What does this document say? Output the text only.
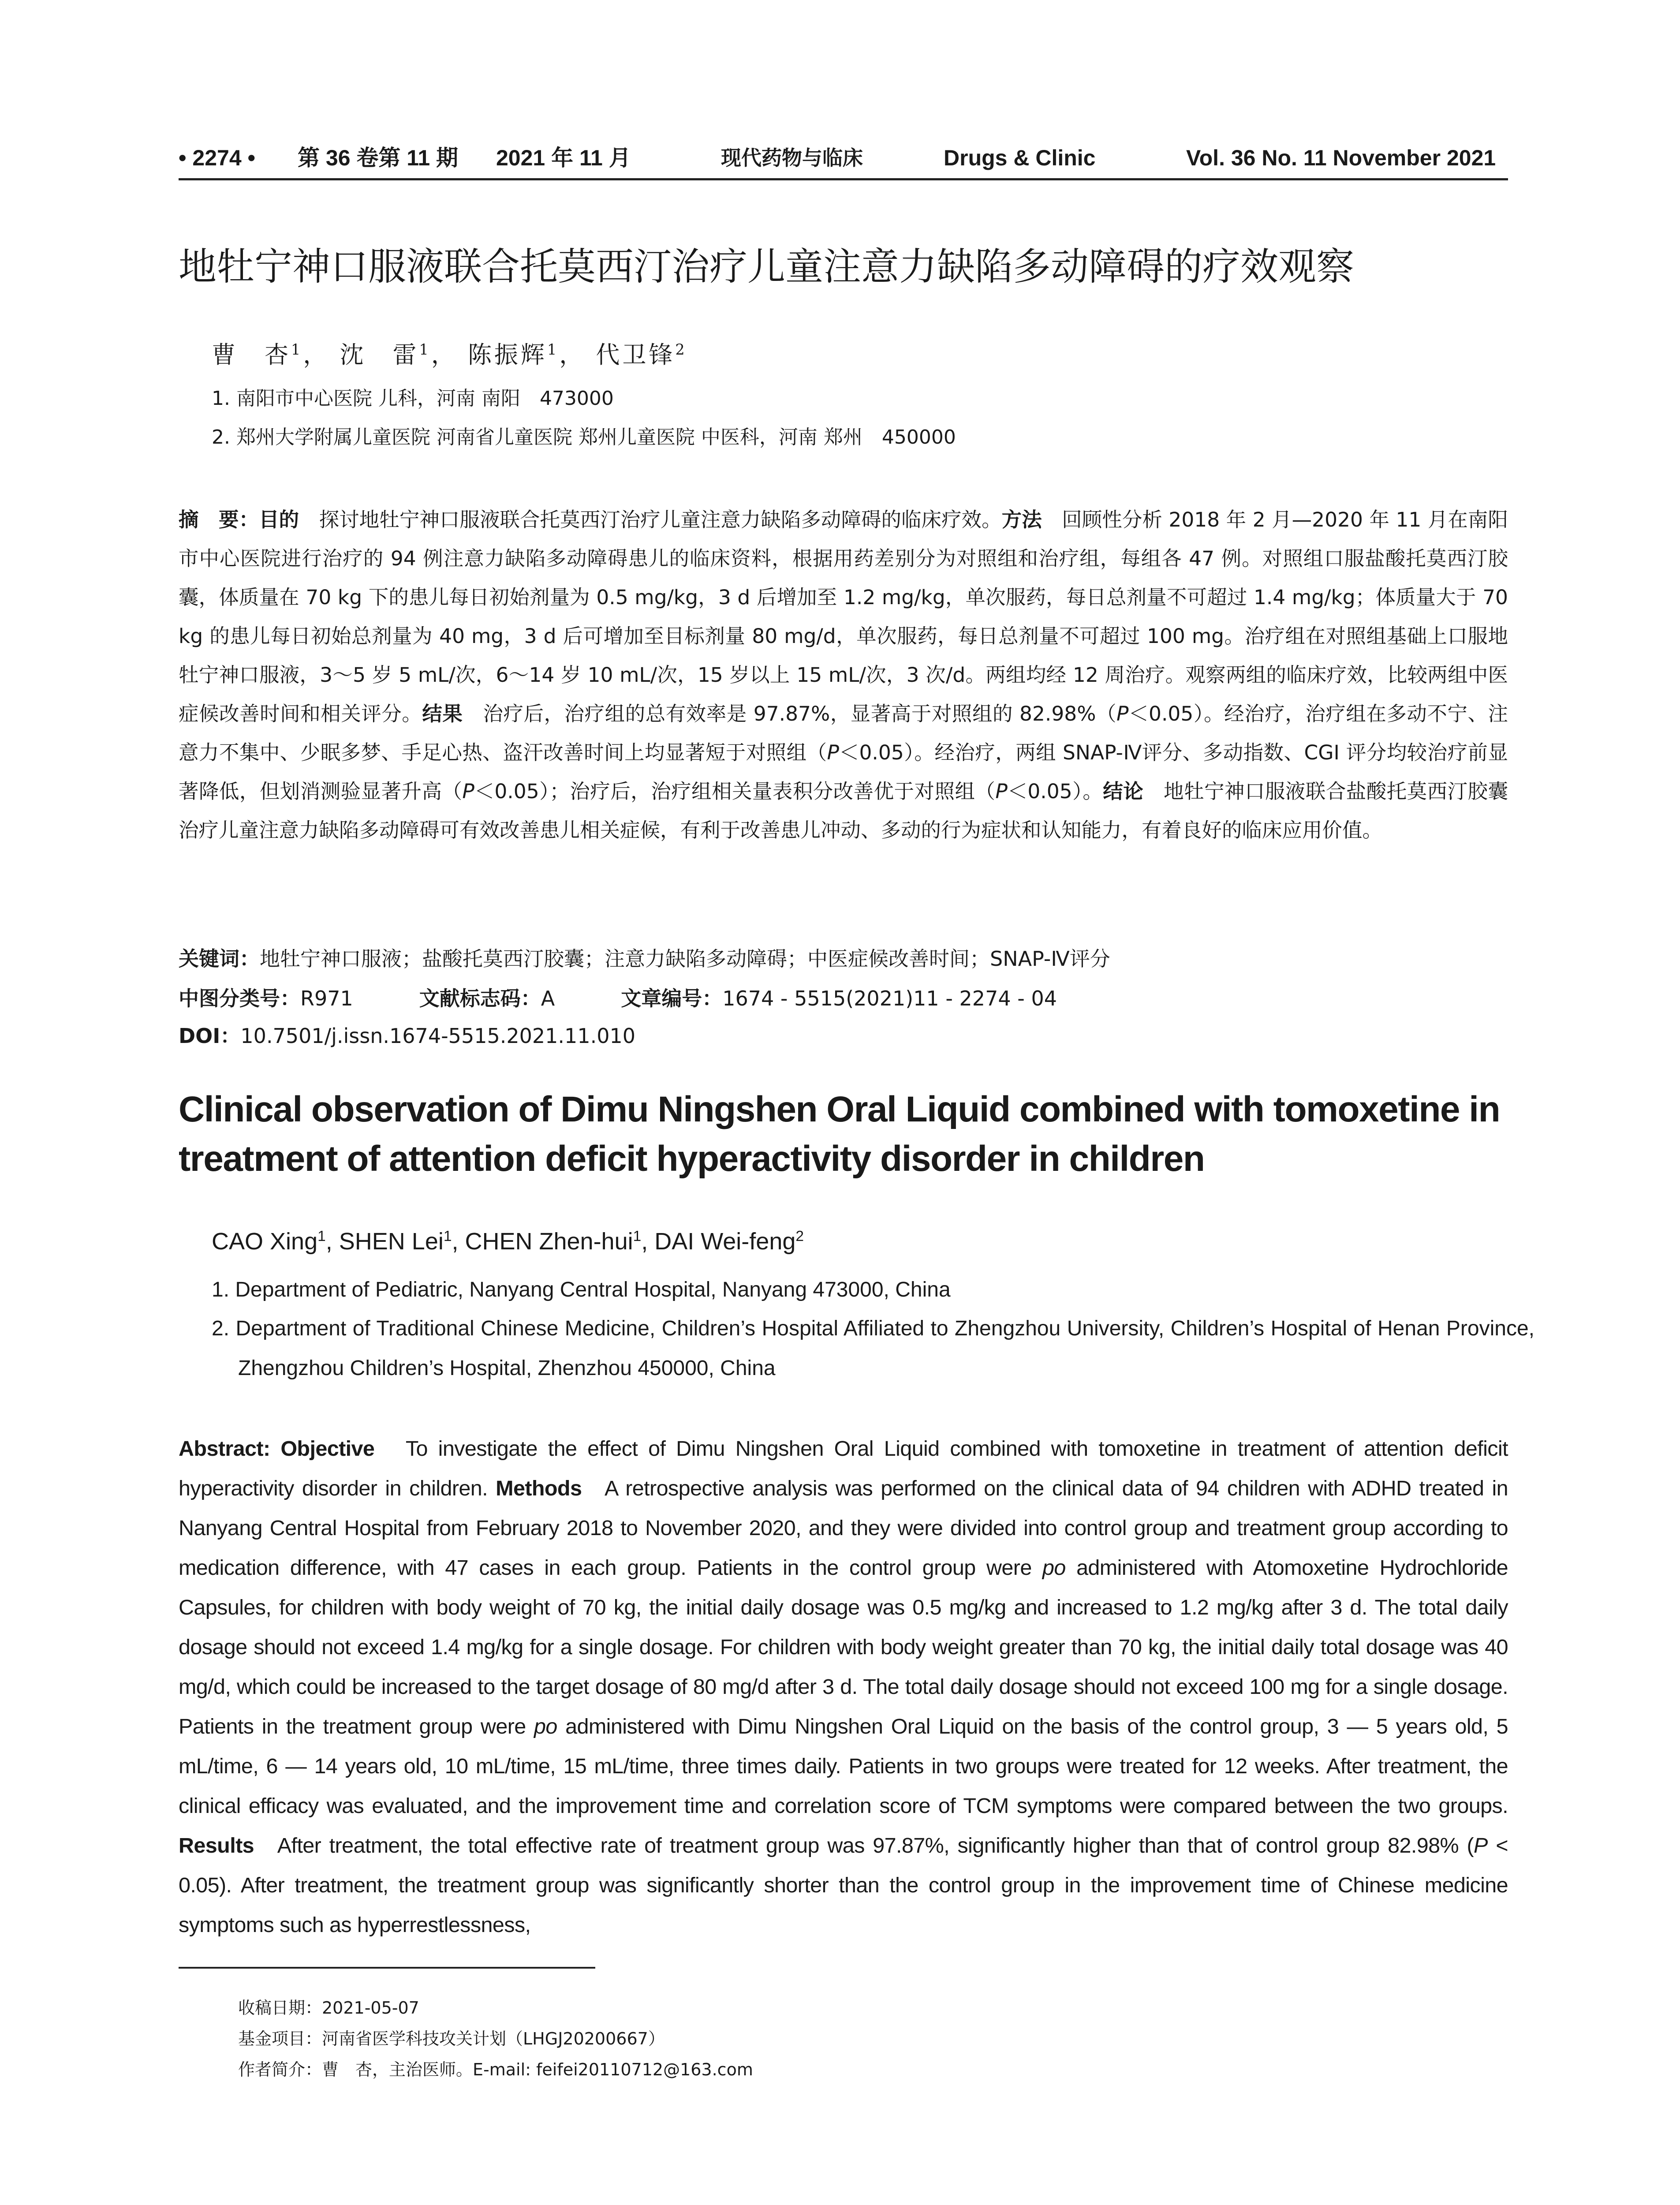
• 2274 • 第 36 卷第 11 期 2021 年 11 月	现代药物与临床	Drugs & Clinic	Vol. 36 No. 11 November 2021
地牡宁神口服液联合托莫西汀治疗儿童注意力缺陷多动障碍的疗效观察
曹　杏$^1$， 沈　雷$^1$， 陈振辉$^1$， 代卫锋$^2$
1. 南阳市中心医院 儿科，河南 南阳　473000
2. 郑州大学附属儿童医院 河南省儿童医院 郑州儿童医院 中医科，河南 郑州　450000
摘　要：目的　 探讨地牡宁神口服液联合托莫西汀治疗儿童注意力缺陷多动障碍的临床疗效。方法　 回顾性分析 2018 年 2 月—2020 年 11 月在南阳市中心医院进行治疗的 94 例注意力缺陷多动障碍患儿的临床资料，根据用药差别分为对照组和治疗组，每组各 47 例。对照组口服盐酸托莫西汀胶囊，体质量在 70 kg 下的患儿每日初始剂量为 0.5 mg/kg，3 d 后增加至 1.2 mg/kg，单次服药，每日总剂量不可超过 1.4 mg/kg；体质量大于 70 kg 的患儿每日初始总剂量为 40 mg，3 d 后可增加至目标剂量 80 mg/d，单次服药，每日总剂量不可超过 100 mg。治疗组在对照组基础上口服地牡宁神口服液，3～5 岁 5 mL/次，6～14 岁 10 mL/次，15 岁以上 15 mL/次，3 次/d。两组均经 12 周治疗。观察两组的临床疗效，比较两组中医症候改善时间和相关评分。结果　 治疗后，治疗组的总有效率是 97.87%，显著高于对照组的 82.98%（P＜0.05）。经治疗，治疗组在多动不宁、注意力不集中、少眠多梦、手足心热、盗汗改善时间上均显著短于对照组（P＜0.05）。经治疗，两组 SNAP-Ⅳ评分、多动指数、CGI 评分均较治疗前显著降低，但划消测验显著升高（P＜0.05）；治疗后，治疗组相关量表积分改善优于对照组（P＜0.05）。结论　 地牡宁神口服液联合盐酸托莫西汀胶囊治疗儿童注意力缺陷多动障碍可有效改善患儿相关症候，有利于改善患儿冲动、多动的行为症状和认知能力，有着良好的临床应用价值。
关键词：地牡宁神口服液；盐酸托莫西汀胶囊；注意力缺陷多动障碍；中医症候改善时间；SNAP-Ⅳ评分
中图分类号：R971	文献标志码：A	文章编号：1674 - 5515(2021)11 - 2274 - 04
DOI：10.7501/j.issn.1674-5515.2021.11.010
Clinical observation of Dimu Ningshen Oral Liquid combined with tomoxetine in treatment of attention deficit hyperactivity disorder in children
CAO Xing$^1$, SHEN Lei$^1$, CHEN Zhen-hui$^1$, DAI Wei-feng$^2$
1. Department of Pediatric, Nanyang Central Hospital, Nanyang 473000, China
2. Department of Traditional Chinese Medicine, Children’s Hospital Affiliated to Zhengzhou University, Children’s Hospital of Henan Province, Zhengzhou Children’s Hospital, Zhenzhou 450000, China
Abstract: Objective To investigate the effect of Dimu Ningshen Oral Liquid combined with tomoxetine in treatment of attention deficit hyperactivity disorder in children. Methods A retrospective analysis was performed on the clinical data of 94 children with ADHD treated in Nanyang Central Hospital from February 2018 to November 2020, and they were divided into control group and treatment group according to medication difference, with 47 cases in each group. Patients in the control group were po administered with Atomoxetine Hydrochloride Capsules, for children with body weight of 70 kg, the initial daily dosage was 0.5 mg/kg and increased to 1.2 mg/kg after 3 d. The total daily dosage should not exceed 1.4 mg/kg for a single dosage. For children with body weight greater than 70 kg, the initial daily total dosage was 40 mg/d, which could be increased to the target dosage of 80 mg/d after 3 d. The total daily dosage should not exceed 100 mg for a single dosage. Patients in the treatment group were po administered with Dimu Ningshen Oral Liquid on the basis of the control group, 3 — 5 years old, 5 mL/time, 6 — 14 years old, 10 mL/time, 15 mL/time, three times daily. Patients in two groups were treated for 12 weeks. After treatment, the clinical efficacy was evaluated, and the improvement time and correlation score of TCM symptoms were compared between the two groups. Results After treatment, the total effective rate of treatment group was 97.87%, significantly higher than that of control group 82.98% (P < 0.05). After treatment, the treatment group was significantly shorter than the control group in the improvement time of Chinese medicine symptoms such as hyperrestlessness,
收稿日期：2021-05-07
基金项目：河南省医学科技攻关计划（LHGJ20200667）
作者简介：曹　杏，主治医师。E-mail: feifei20110712@163.com
